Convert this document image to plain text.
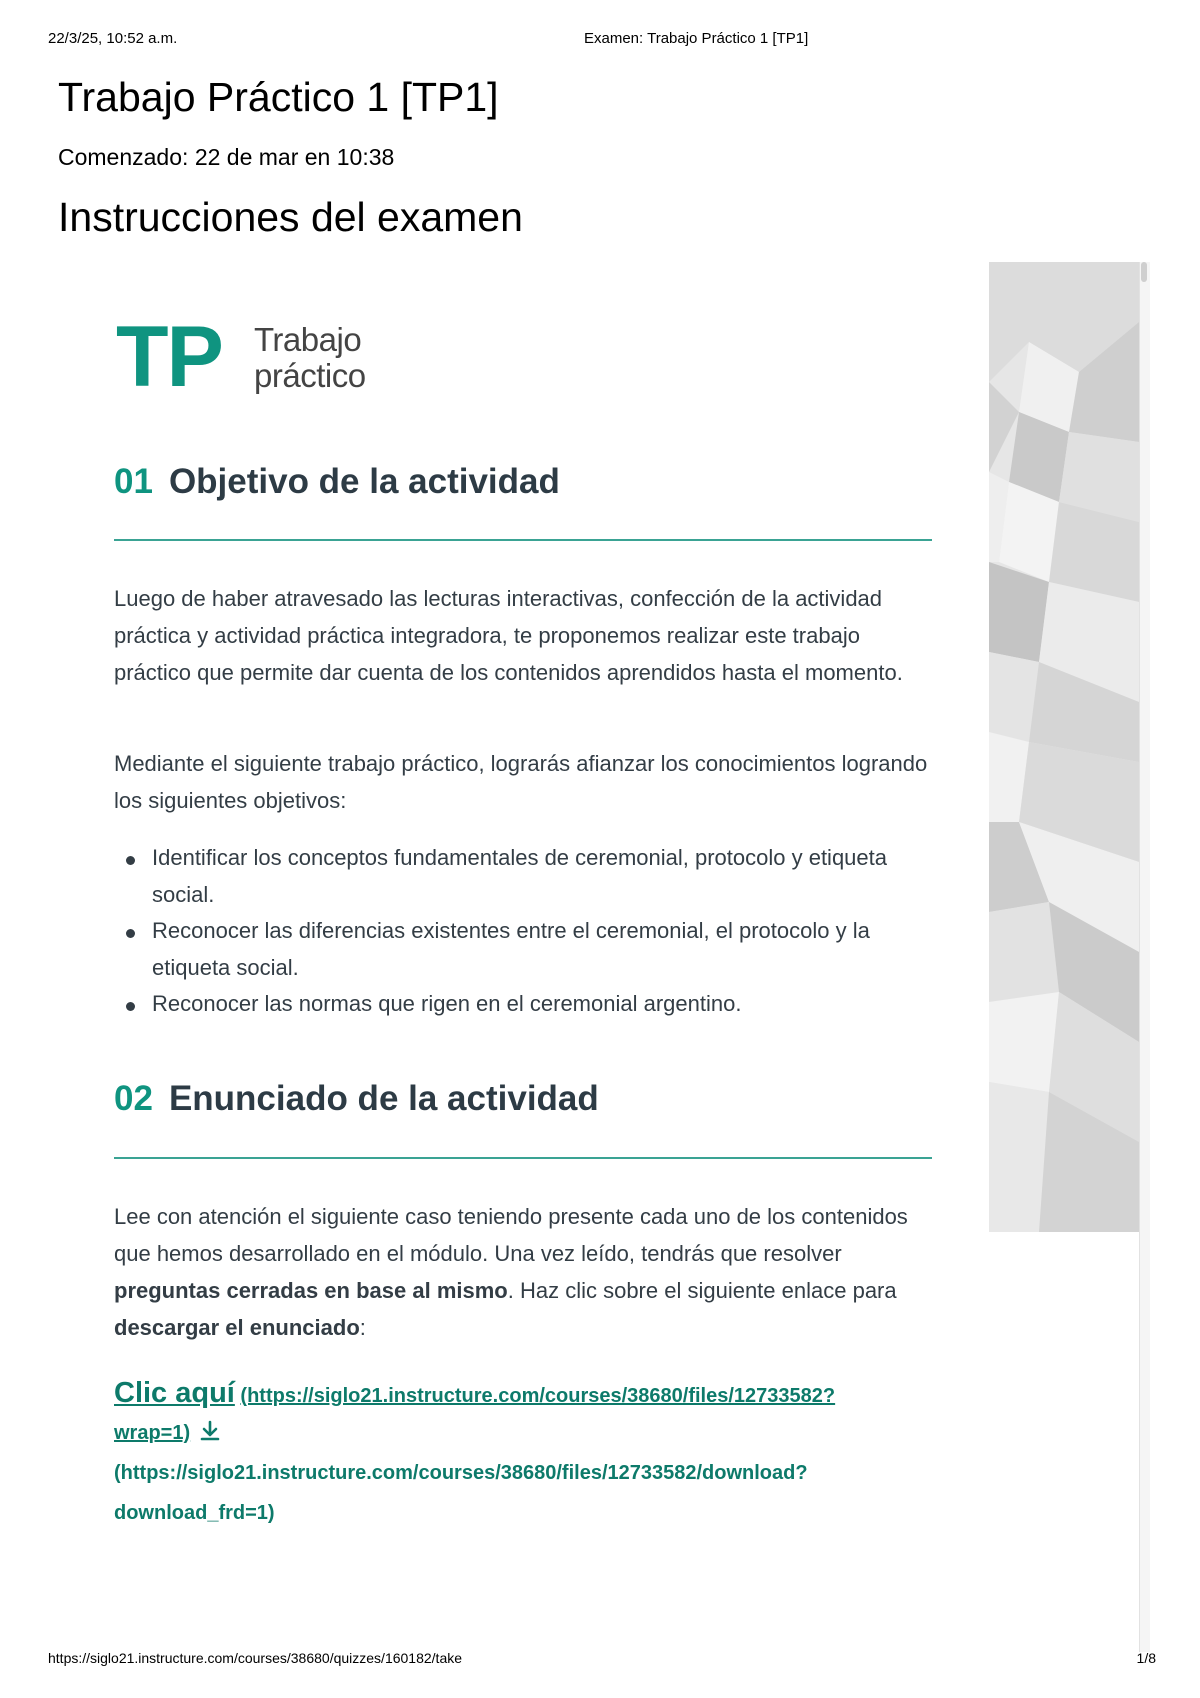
22/3/25, 10:52 a.m.	Examen: Trabajo Práctico 1 [TP1]
Trabajo Práctico 1 [TP1]
Comenzado: 22 de mar en 10:38
Instrucciones del examen
TP Trabajo
práctico
01 Objetivo de la actividad

Luego de haber atravesado las lecturas interactivas, confección de la actividad práctica y actividad práctica integradora, te proponemos realizar este trabajo práctico que permite dar cuenta de los contenidos aprendidos hasta el momento.

Mediante el siguiente trabajo práctico, lograrás afianzar los conocimientos logrando los siguientes objetivos:

Identificar los conceptos fundamentales de ceremonial, protocolo y etiqueta social.
Reconocer las diferencias existentes entre el ceremonial, el protocolo y la etiqueta social.
Reconocer las normas que rigen en el ceremonial argentino.
02 Enunciado de la actividad

Lee con atención el siguiente caso teniendo presente cada uno de los contenidos que hemos desarrollado en el módulo. Una vez leído, tendrás que resolver preguntas cerradas en base al mismo. Haz clic sobre el siguiente enlace para descargar el enunciado:

Clic aquí (https://siglo21.instructure.com/courses/38680/files/12733582?
wrap=1)
(https://siglo21.instructure.com/courses/38680/files/12733582/download?
download_frd=1)
https://siglo21.instructure.com/courses/38680/quizzes/160182/take	1/8
